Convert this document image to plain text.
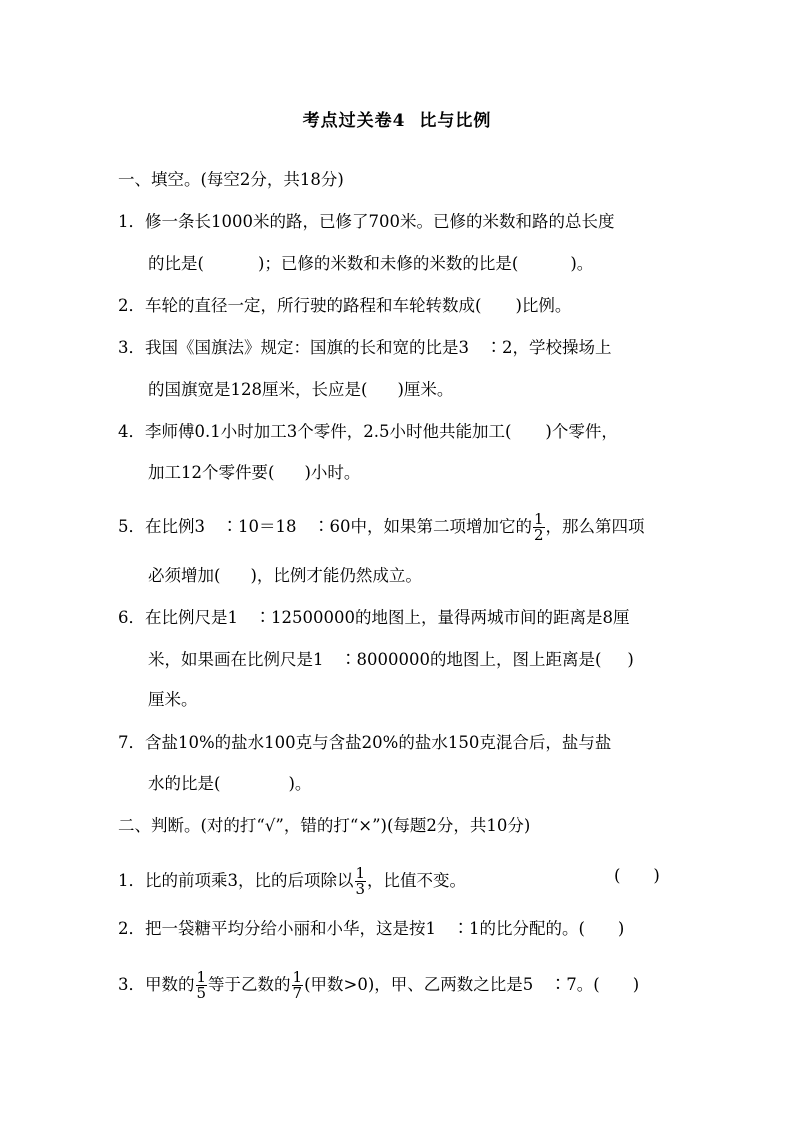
考点过关卷4 比与比例
一、填空。(每空2分，共18分)
1．修一条长1000米的路，已修了700米。已修的米数和路的总长度
的比是(	)；已修的米数和未修的米数的比是(	)。
2．车轮的直径一定，所行驶的路程和车轮转数成( )比例。
3．我国《国旗法》规定：国旗的长和宽的比是3　∶2，学校操场上
的国旗宽是128厘米，长应是( )厘米。
4．李师傅0.1小时加工3个零件，2.5小时他共能加工( )个零件，
加工12个零件要( )小时。
5．在比例3　∶10＝18　∶60中，如果第二项增加它的 $\frac{1}{2}$ ，那么第四项
必须增加( )，比例才能仍然成立。
6．在比例尺是1　∶12500000的地图上，量得两城市间的距离是8厘
米，如果画在比例尺是1　∶8000000的地图上，图上距离是( )
厘米。
7．含盐10%的盐水100克与含盐20%的盐水150克混合后，盐与盐
水的比是(	)。
二、判断。(对的打“√”，错的打“×”)(每题2分，共10分)
1．比的前项乘3，比的后项除以 $\frac{1}{3}$ ，比值不变。	(　　)
2．把一袋糖平均分给小丽和小华，这是按1　∶1的比分配的。(　　)
3．甲数的 $\frac{1}{5}$ 等于乙数的 $\frac{1}{7}$ (甲数>0)，甲、乙两数之比是5　∶7。(　　)
